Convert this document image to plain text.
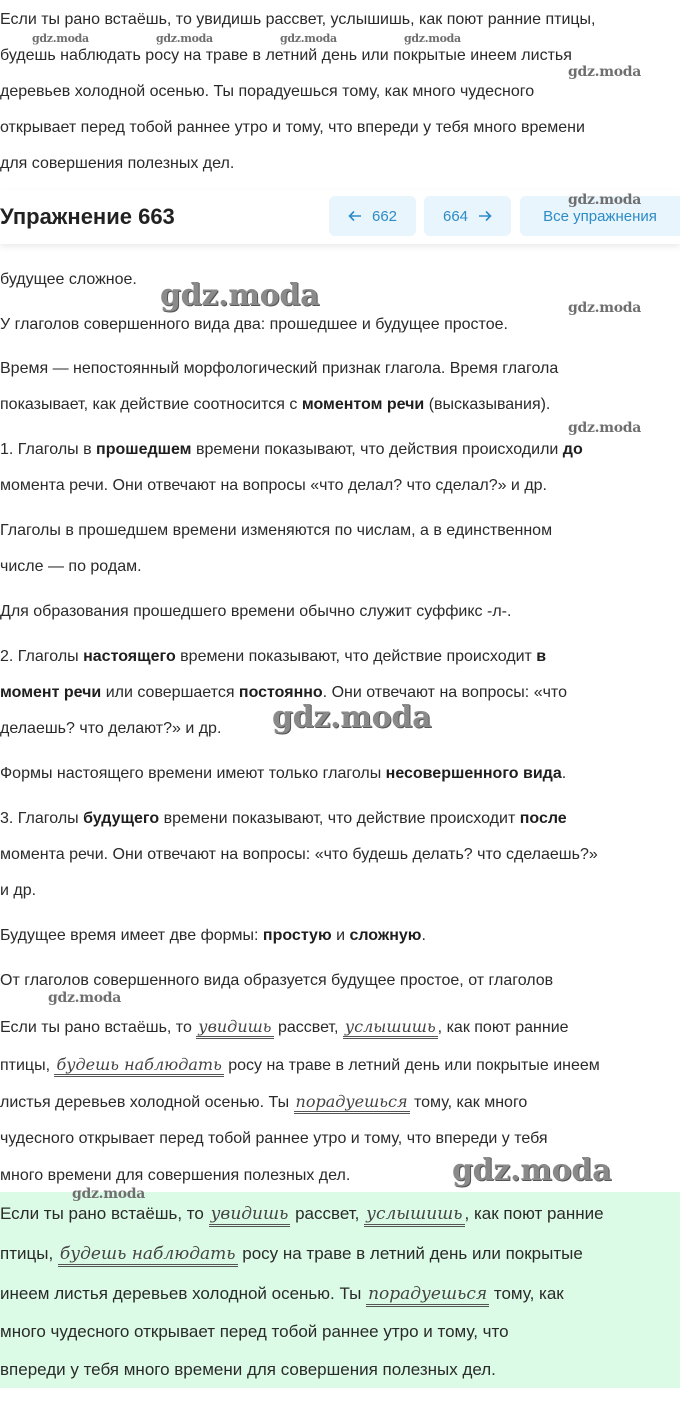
Если ты рано встаёшь, то увидишь рассвет, услышишь, как поют ранние птицы,

будешь наблюдать росу на траве в летний день или покрытые инеем листья

деревьев холодной осенью. Ты порадуешься тому, как много чудесного

открывает перед тобой раннее утро и тому, что впереди у тебя много времени

для совершения полезных дел.

будущее сложное.

У глаголов совершенного вида два: прошедшее и будущее простое.

Время — непостоянный морфологический признак глагола. Время глагола

показывает, как действие соотносится с моментом речи (высказывания).

1. Глаголы в прошедшем времени показывают, что действия происходили до

момента речи. Они отвечают на вопросы «что делал? что сделал?» и др.

Глаголы в прошедшем времени изменяются по числам, а в единственном

числе — по родам.

Для образования прошедшего времени обычно служит суффикс -л-.

2. Глаголы настоящего времени показывают, что действие происходит в

момент речи или совершается постоянно. Они отвечают на вопросы: «что

делаешь? что делают?» и др.

Формы настоящего времени имеют только глаголы несовершенного вида.

3. Глаголы будущего времени показывают, что действие происходит после

момента речи. Они отвечают на вопросы: «что будешь делать? что сделаешь?»

и др.

Будущее время имеет две формы: простую и сложную.

От глаголов совершенного вида образуется будущее простое, от глаголов

Если ты рано встаёшь, то увидишь рассвет, услышишь , как поют ранние

птицы, будешь наблюдать росу на траве в летний день или покрытые инеем

листья деревьев холодной осенью. Ты порадуешься тому, как много

чудесного открывает перед тобой раннее утро и тому, что впереди у тебя

много времени для совершения полезных дел.

Если ты рано встаёшь, то увидишь рассвет, услышишь , как поют ранние

птицы, будешь наблюдать росу на траве в летний день или покрытые

инеем листья деревьев холодной осенью. Ты порадуешься тому, как

много чудесного открывает перед тобой раннее утро и тому, что

впереди у тебя много времени для совершения полезных дел.

Упражнение 663	662	664	Все упражнения
gdz.moda	gdz.moda	gdz.moda	gdz.moda
gdz.moda
gdz.moda
gdz.moda	gdz.moda
gdz.moda
gdz.moda
gdz.moda
gdz.moda
gdz.moda
